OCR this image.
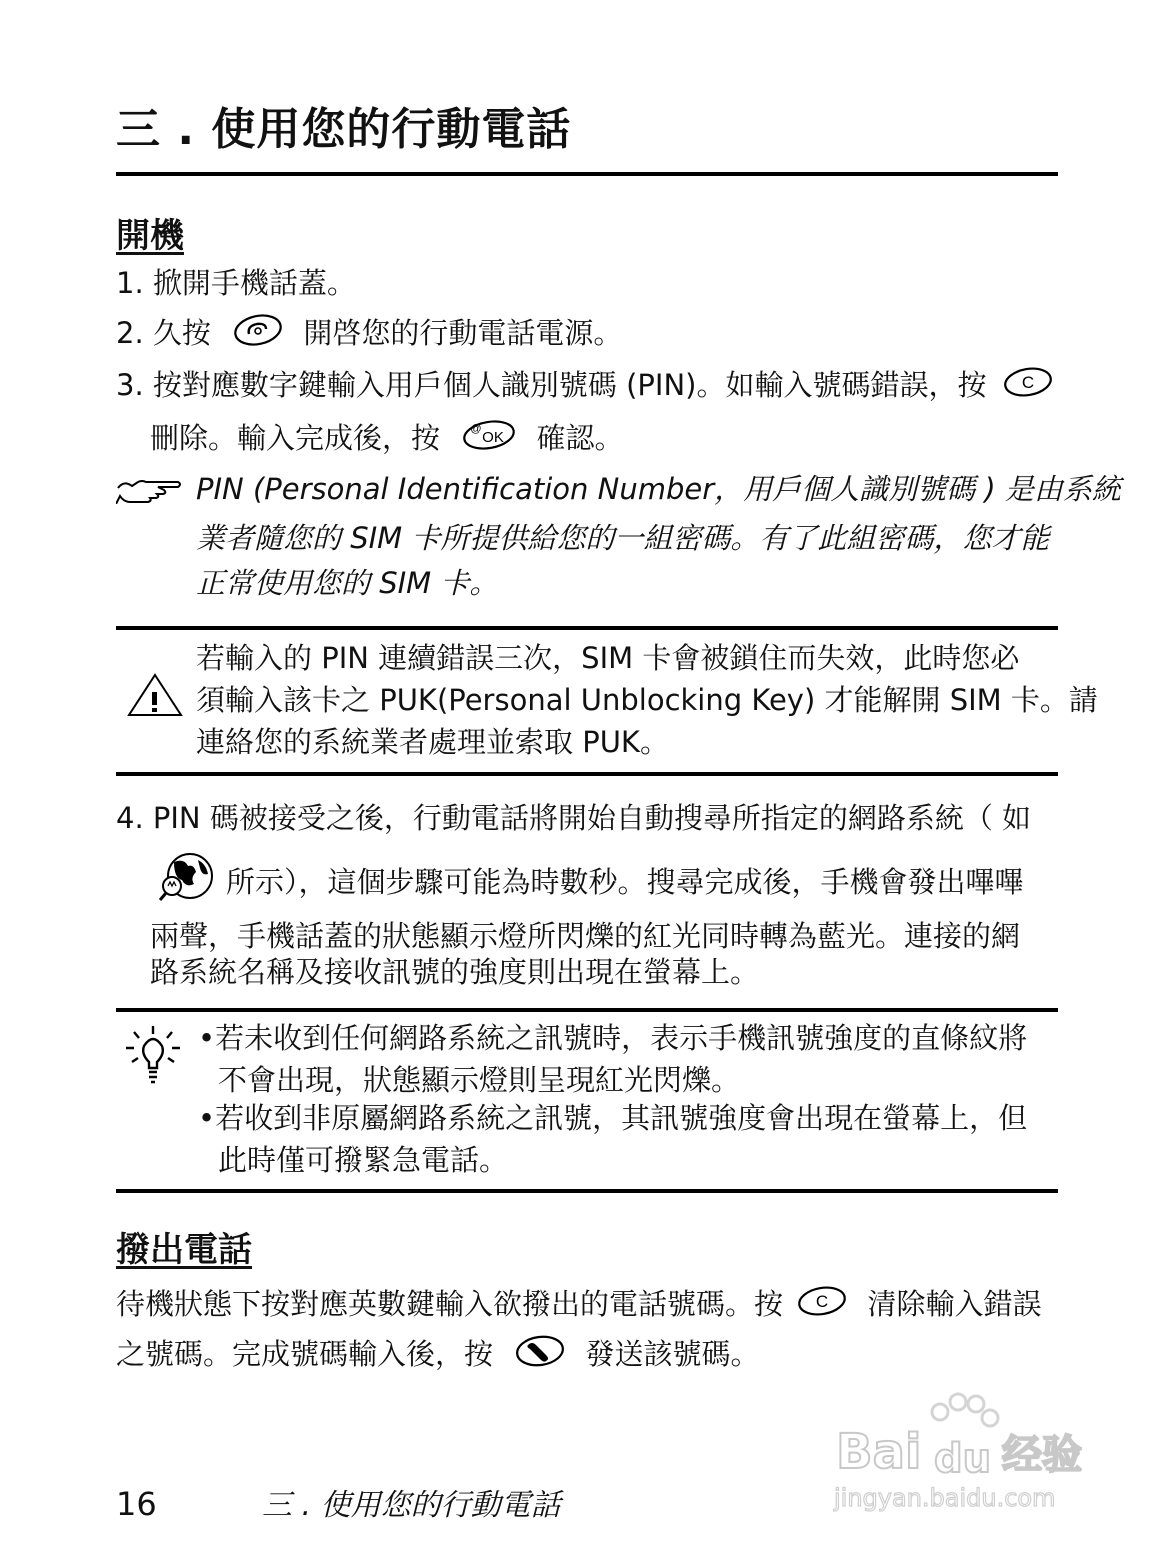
三 . 使用您的行動電話
開機
1. 掀開手機話蓋。
2. 久按	開啓您的行動電話電源。
3. 按對應數字鍵輸入用戶個人識別號碼 (PIN)。如輸入號碼錯誤，按 C
刪除。輸入完成後，按	@ OK 確認。
PIN (Personal Identification Number，用戶個人識別號碼 ) 是由系統
業者隨您的 SIM 卡所提供給您的一組密碼。有了此組密碼，您才能
正常使用您的 SIM 卡。
若輸入的 PIN 連續錯誤三次，SIM 卡會被鎖住而失效，此時您必
須輸入該卡之 PUK(Personal Unblocking Key) 才能解開 SIM 卡。請
連絡您的系統業者處理並索取 PUK。
4. PIN 碼被接受之後，行動電話將開始自動搜尋所指定的網路系統（ 如
所示），這個步驟可能為時數秒。搜尋完成後，手機會發出嗶嗶
兩聲，手機話蓋的狀態顯示燈所閃爍的紅光同時轉為藍光。連接的網
路系統名稱及接收訊號的強度則出現在螢幕上。
•若未收到任何網路系統之訊號時，表示手機訊號強度的直條紋將
不會出現，狀態顯示燈則呈現紅光閃爍。
•若收到非原屬網路系統之訊號，其訊號強度會出現在螢幕上，但
此時僅可撥緊急電話。
撥出電話
待機狀態下按對應英數鍵輸入欲撥出的電話號碼。按 C 清除輸入錯誤
之號碼。完成號碼輸入後，按	發送該號碼。
Bai du 经验
jingyan.baidu.com
16	三 . 使用您的行動電話
